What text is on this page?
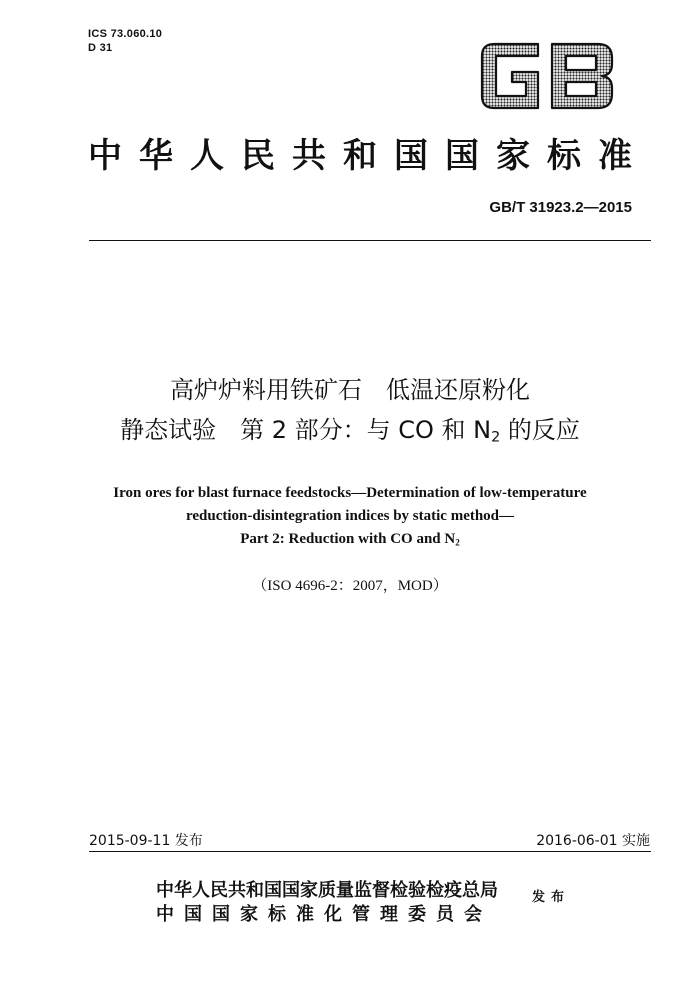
ICS 73.060.10
D 31
中华人民共和国国家标准
GB/T 31923.2—2015
高炉炉料用铁矿石　低温还原粉化
静态试验　第 2 部分：与 CO 和 $N_2$ 的反应
Iron ores for blast furnace feedstocks—Determination of low-temperature
reduction-disintegration indices by static method—
Part 2: Reduction with CO and $N_2$
（ISO 4696-2：2007，MOD）
2015-09-11 发布	2016-06-01 实施
中华人民共和国国家质量监督检验检疫总局
中国国家标准化管理委员会
发布
